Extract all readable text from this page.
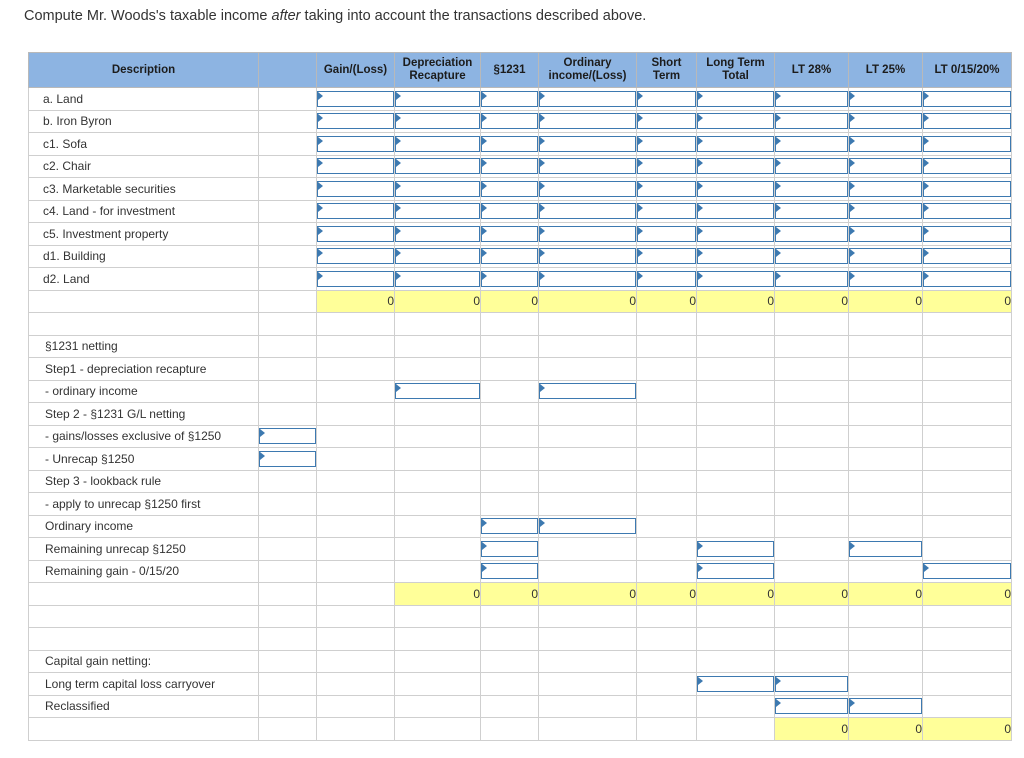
Compute Mr. Woods's taxable income after taking into account the transactions described above.
Description		Gain/(Loss)	Depreciation Recapture	§1231	Ordinary income/(Loss)	Short Term	Long Term Total	LT 28%	LT 25%	LT 0/15/20%
a. Land		

b. Iron Byron		

c1. Sofa		

c2. Chair		

c3. Marketable securities		

c4. Land - for investment		

c5. Investment property		

d1. Building		

d2. Land		

		0	0	0	0	0	0	0	0	0

§1231 netting										
Step1 - depreciation recapture										
- ordinary income			

Step 2 - §1231 G/L netting										
- gains/losses exclusive of §1250	

- Unrecap §1250	

Step 3 - lookback rule										
- apply to unrecap §1250 first										
Ordinary income				

Remaining unrecap §1250				

Remaining gain - 0/15/20				

			0	0	0	0	0	0	0	0

Capital gain netting:										
Long term capital loss carryover							

Reclassified								

								0	0	0
